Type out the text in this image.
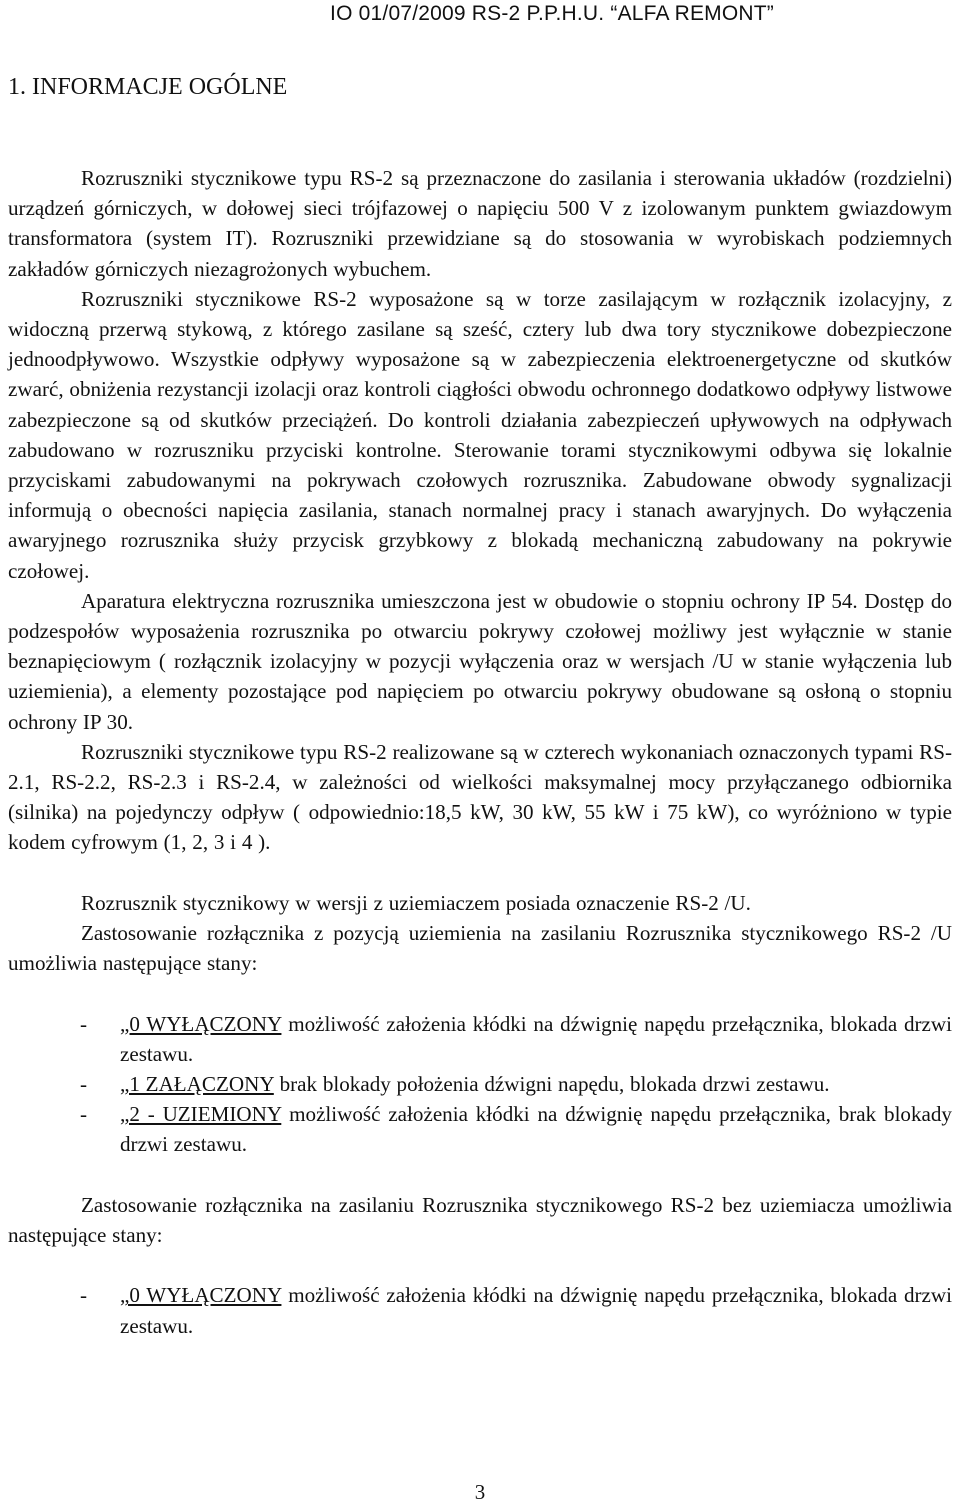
IO 01/07/2009 RS-2 P.P.H.U. “ALFA REMONT”
1. INFORMACJE OGÓLNE

Rozruszniki stycznikowe typu RS-2 są przeznaczone do zasilania i sterowania układów (rozdzielni) urządzeń górniczych, w dołowej sieci trójfazowej o napięciu 500 V z izolowanym punktem gwiazdowym transformatora (system IT). Rozruszniki przewidziane są do stosowania w wyrobiskach podziemnych zakładów górniczych niezagrożonych wybuchem.

Rozruszniki stycznikowe RS-2 wyposażone są w torze zasilającym w rozłącznik izolacyjny, z widoczną przerwą stykową, z którego zasilane są sześć, cztery lub dwa tory stycznikowe dobezpieczone jednoodpływowo. Wszystkie odpływy wyposażone są w zabezpieczenia elektroenergetyczne od skutków zwarć, obniżenia rezystancji izolacji oraz kontroli ciągłości obwodu ochronnego dodatkowo odpływy listwowe zabezpieczone są od skutków przeciążeń. Do kontroli działania zabezpieczeń upływowych na odpływach zabudowano w rozruszniku przyciski kontrolne. Sterowanie torami stycznikowymi odbywa się lokalnie przyciskami zabudowanymi na pokrywach czołowych rozrusznika. Zabudowane obwody sygnalizacji informują o obecności napięcia zasilania, stanach normalnej pracy i stanach awaryjnych. Do wyłączenia awaryjnego rozrusznika służy przycisk grzybkowy z blokadą mechaniczną zabudowany na pokrywie czołowej.

Aparatura elektryczna rozrusznika umieszczona jest w obudowie o stopniu ochrony IP 54. Dostęp do podzespołów wyposażenia rozrusznika po otwarciu pokrywy czołowej możliwy jest wyłącznie w stanie beznapięciowym ( rozłącznik izolacyjny w pozycji wyłączenia oraz w wersjach /U w stanie wyłączenia lub uziemienia), a elementy pozostające pod napięciem po otwarciu pokrywy obudowane są osłoną o stopniu ochrony IP 30.

Rozruszniki stycznikowe typu RS-2 realizowane są w czterech wykonaniach oznaczonych typami RS-2.1, RS-2.2, RS-2.3 i RS-2.4, w zależności od wielkości maksymalnej mocy przyłączanego odbiornika (silnika) na pojedynczy odpływ ( odpowiednio:18,5 kW, 30 kW, 55 kW i 75 kW), co wyróżniono w typie kodem cyfrowym (1, 2, 3 i 4 ).

Rozrusznik stycznikowy w wersji z uziemiaczem posiada oznaczenie RS-2 /U.

Zastosowanie rozłącznika z pozycją uziemienia na zasilaniu Rozrusznika stycznikowego RS-2 /U umożliwia następujące stany:

- „0 WYŁĄCZONY możliwość założenia kłódki na dźwignię napędu przełącznika, blokada drzwi zestawu.
- „1 ZAŁĄCZONY brak blokady położenia dźwigni napędu, blokada drzwi zestawu.
- „2 - UZIEMIONY możliwość założenia kłódki na dźwignię napędu przełącznika, brak blokady drzwi zestawu.

Zastosowanie rozłącznika na zasilaniu Rozrusznika stycznikowego RS-2 bez uziemiacza umożliwia następujące stany:

- „0 WYŁĄCZONY możliwość założenia kłódki na dźwignię napędu przełącznika, blokada drzwi zestawu.
3
